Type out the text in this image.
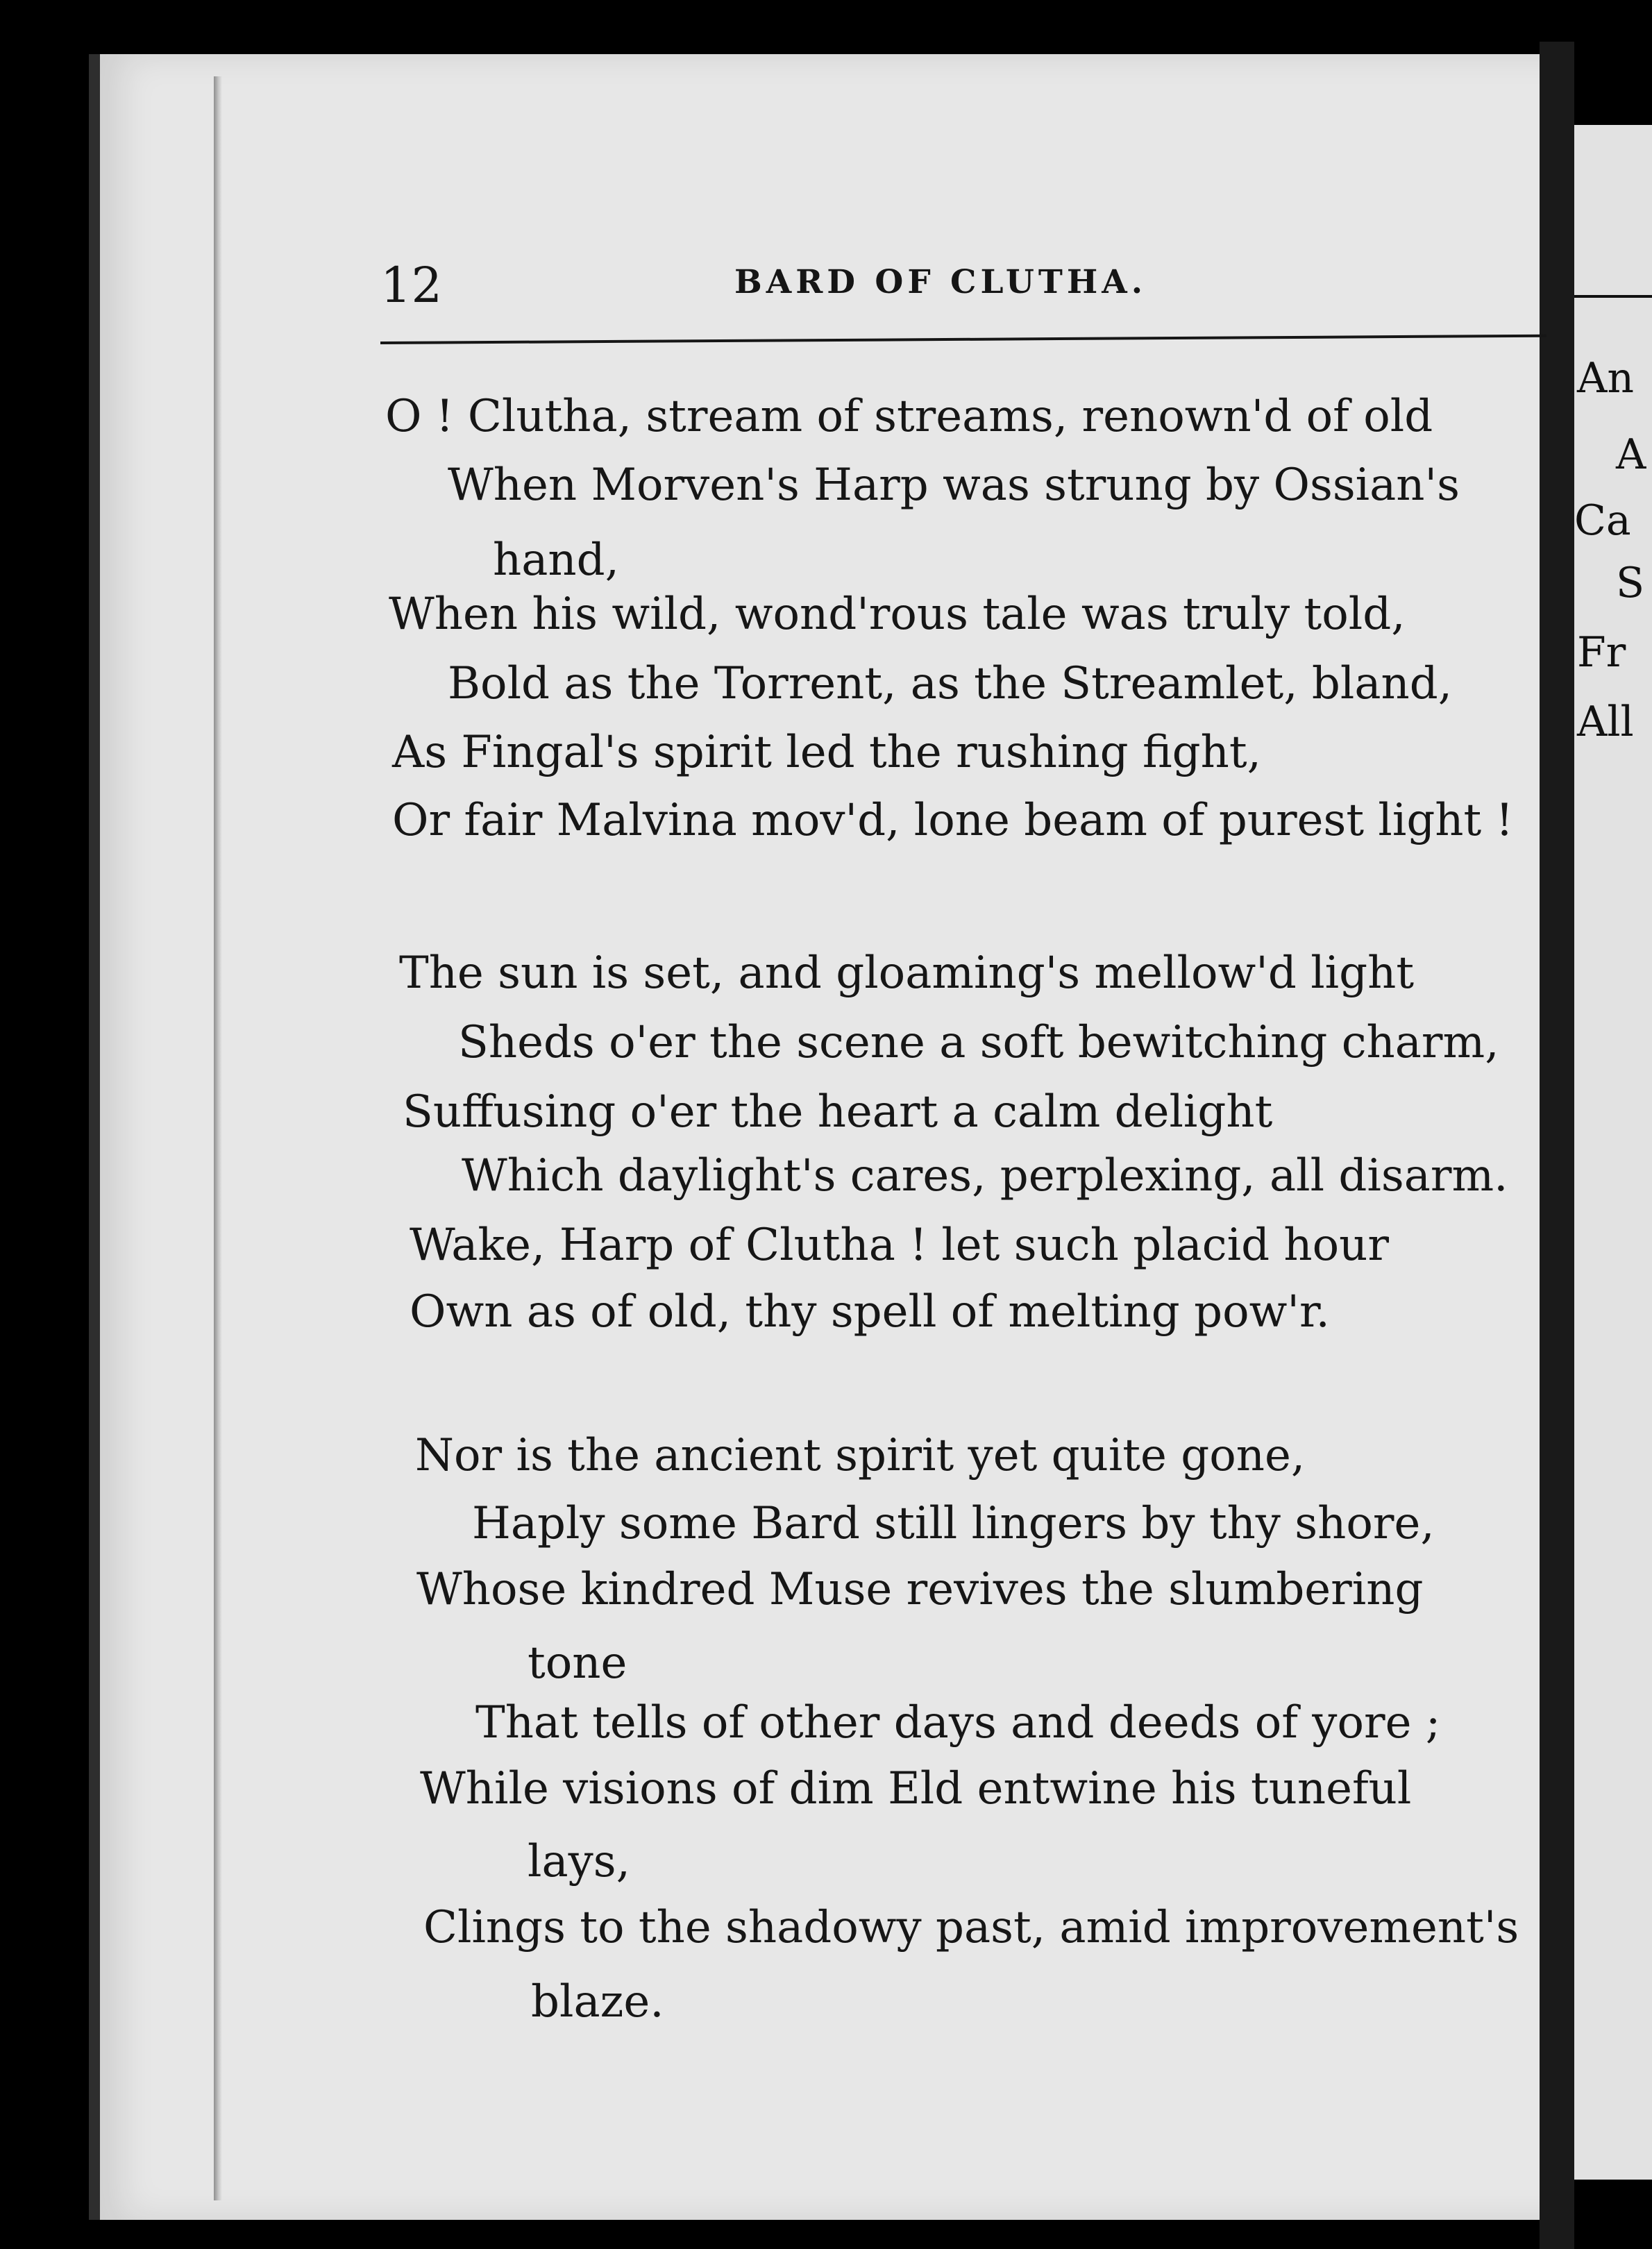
An
A
Ca
S
Fr
All
12	BARD OF CLUTHA.
O ! Clutha, stream of streams, renown'd of old
When Morven's Harp was strung by Ossian's
hand,
When his wild, wond'rous tale was truly told,
Bold as the Torrent, as the Streamlet, bland,
As Fingal's spirit led the rushing fight,
Or fair Malvina mov'd, lone beam of purest light !
The sun is set, and gloaming's mellow'd light
Sheds o'er the scene a soft bewitching charm,
Suffusing o'er the heart a calm delight
Which daylight's cares, perplexing, all disarm.
Wake, Harp of Clutha ! let such placid hour
Own as of old, thy spell of melting pow'r.
Nor is the ancient spirit yet quite gone,
Haply some Bard still lingers by thy shore,
Whose kindred Muse revives the slumbering
tone
That tells of other days and deeds of yore ;
While visions of dim Eld entwine his tuneful
lays,
Clings to the shadowy past, amid improvement's
blaze.
